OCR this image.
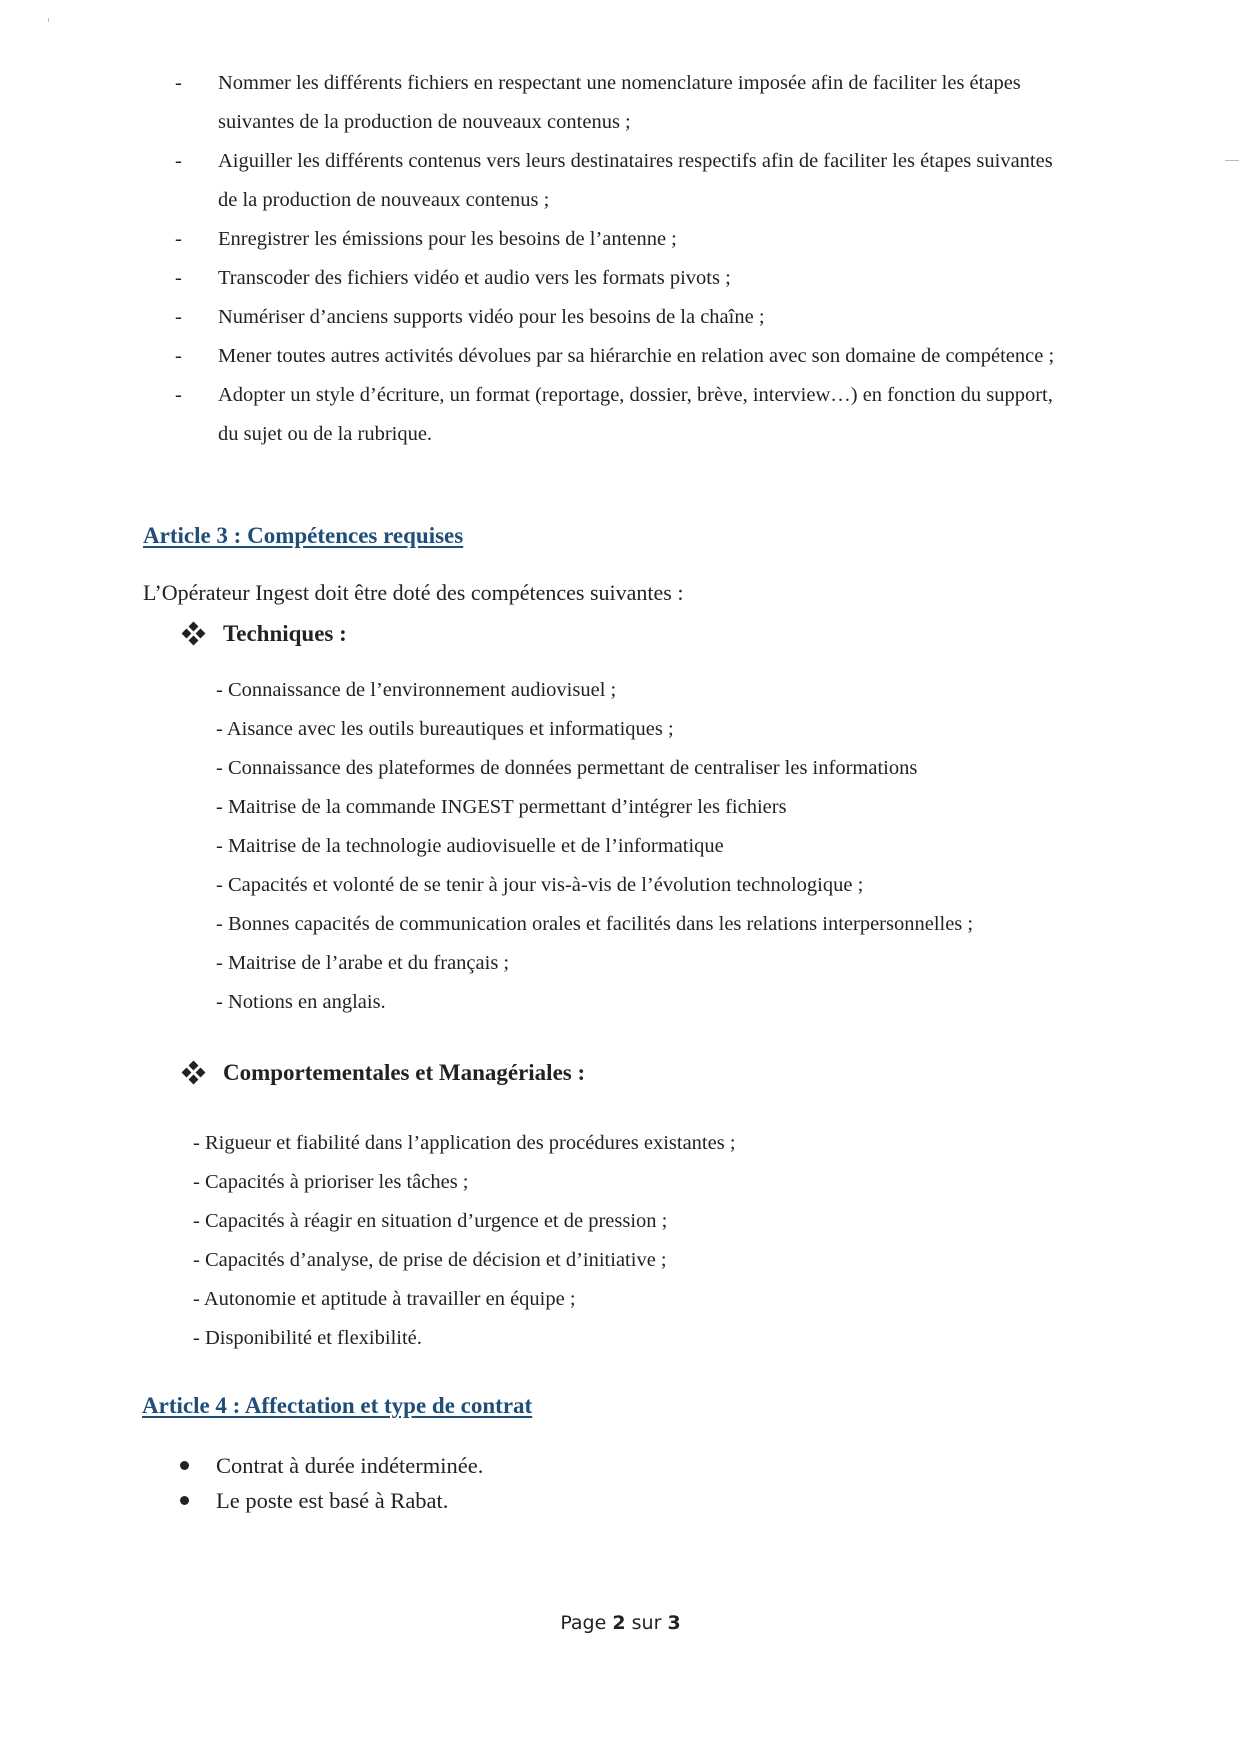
- Nommer les différents fichiers en respectant une nomenclature imposée afin de faciliter les étapes suivantes de la production de nouveaux contenus ;
- Aiguiller les différents contenus vers leurs destinataires respectifs afin de faciliter les étapes suivantes de la production de nouveaux contenus ;
- Enregistrer les émissions pour les besoins de l’antenne ;
- Transcoder des fichiers vidéo et audio vers les formats pivots ;
- Numériser d’anciens supports vidéo pour les besoins de la chaîne ;
- Mener toutes autres activités dévolues par sa hiérarchie en relation avec son domaine de compétence ;
- Adopter un style d’écriture, un format (reportage, dossier, brève, interview…) en fonction du support, du sujet ou de la rubrique.
Article 3 : Compétences requises

L’Opérateur Ingest doit être doté des compétences suivantes :

Techniques :
- Connaissance de l’environnement audiovisuel ;
- Aisance avec les outils bureautiques et informatiques ;
- Connaissance des plateformes de données permettant de centraliser les informations
- Maitrise de la commande INGEST permettant d’intégrer les fichiers
- Maitrise de la technologie audiovisuelle et de l’informatique
- Capacités et volonté de se tenir à jour vis-à-vis de l’évolution technologique ;
- Bonnes capacités de communication orales et facilités dans les relations interpersonnelles ;
- Maitrise de l’arabe et du français ;
- Notions en anglais.
Comportementales et Managériales :
- Rigueur et fiabilité dans l’application des procédures existantes ;
- Capacités à prioriser les tâches ;
- Capacités à réagir en situation d’urgence et de pression ;
- Capacités d’analyse, de prise de décision et d’initiative ;
- Autonomie et aptitude à travailler en équipe ;
- Disponibilité et flexibilité.
Article 4 : Affectation et type de contrat
Contrat à durée indéterminée.
Le poste est basé à Rabat.
Page 2 sur 3
